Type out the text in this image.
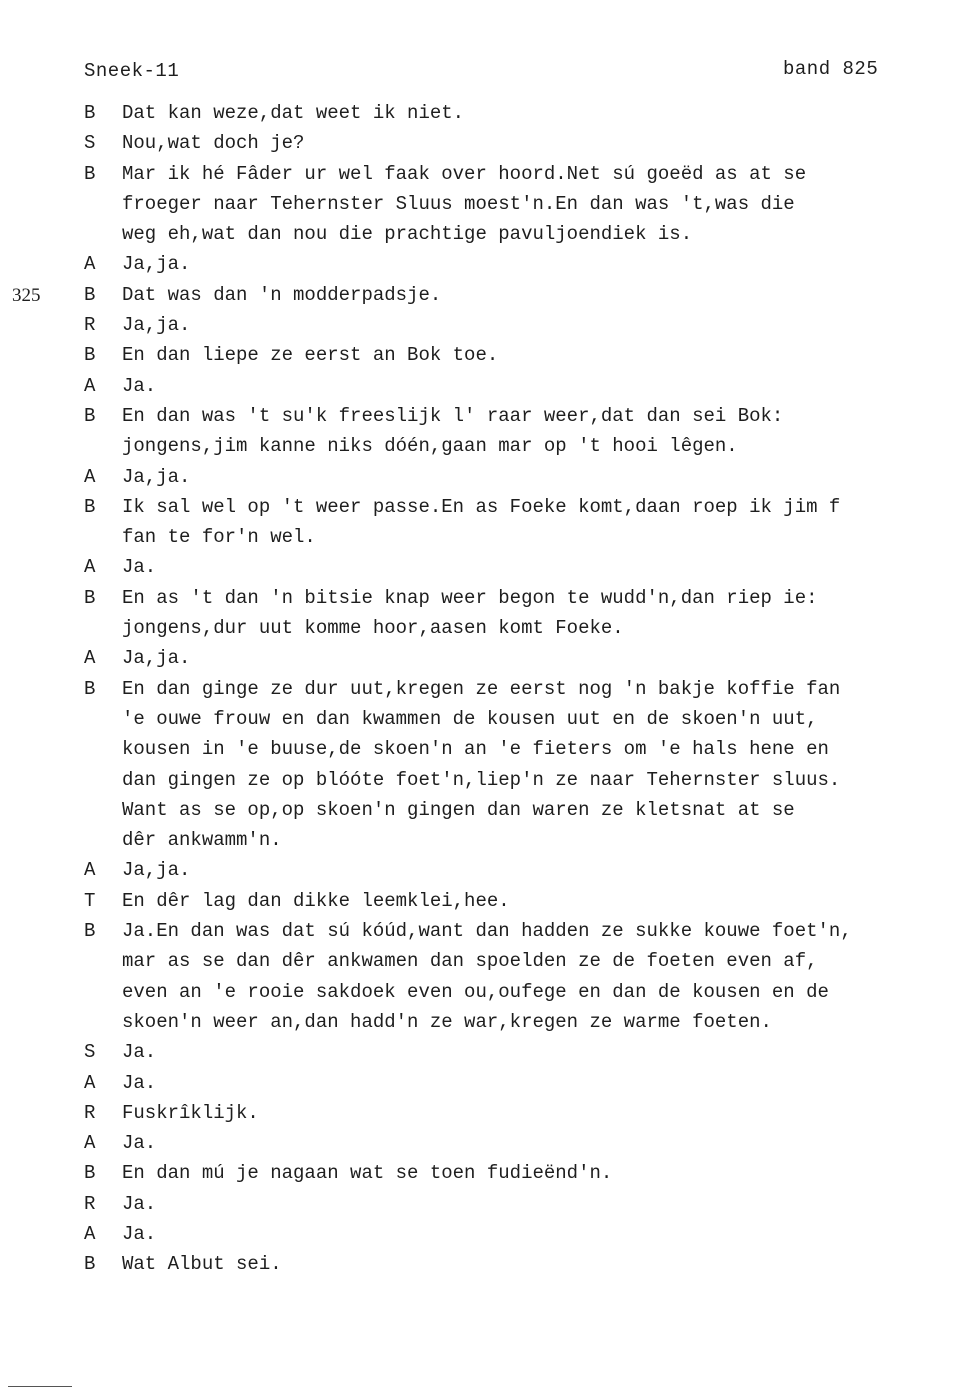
Sneek-11	band 825
325
B	Dat kan weze,dat weet ik niet.
S	Nou,wat doch je?
B	Mar ik hé Fâder ur wel faak over hoord.Net sú goeëd as at se
froeger naar Tehernster Sluus moest'n.En dan was 't,was die
weg eh,wat dan nou die prachtige pavuljoendiek is.
A	Ja,ja.
B	Dat was dan 'n modderpadsje.
R	Ja,ja.
B	En dan liepe ze eerst an Bok toe.
A	Ja.
B	En dan was 't su'k freeslijk l' raar weer,dat dan sei Bok:
jongens,jim kanne niks dóén,gaan mar op 't hooi lêgen.
A	Ja,ja.
B	Ik sal wel op 't weer passe.En as Foeke komt,daan roep ik jim f
fan te for'n wel.
A	Ja.
B	En as 't dan 'n bitsie knap weer begon te wudd'n,dan riep ie:
jongens,dur uut komme hoor,aasen komt Foeke.
A	Ja,ja.
B	En dan ginge ze dur uut,kregen ze eerst nog 'n bakje koffie fan
'e ouwe frouw en dan kwammen de kousen uut en de skoen'n uut,
kousen in 'e buuse,de skoen'n an 'e fieters om 'e hals hene en
dan gingen ze op blóóte foet'n,liep'n ze naar Tehernster sluus.
Want as se op,op skoen'n gingen dan waren ze kletsnat at se
dêr ankwamm'n.
A	Ja,ja.
T	En dêr lag dan dikke leemklei,hee.
B	Ja.En dan was dat sú kóúd,want dan hadden ze sukke kouwe foet'n,
mar as se dan dêr ankwamen dan spoelden ze de foeten even af,
even an 'e rooie sakdoek even ou,oufege en dan de kousen en de
skoen'n weer an,dan hadd'n ze war,kregen ze warme foeten.
S	Ja.
A	Ja.
R	Fuskrîklijk.
A	Ja.
B	En dan mú je nagaan wat se toen fudieënd'n.
R	Ja.
A	Ja.
B	Wat Albut sei.
